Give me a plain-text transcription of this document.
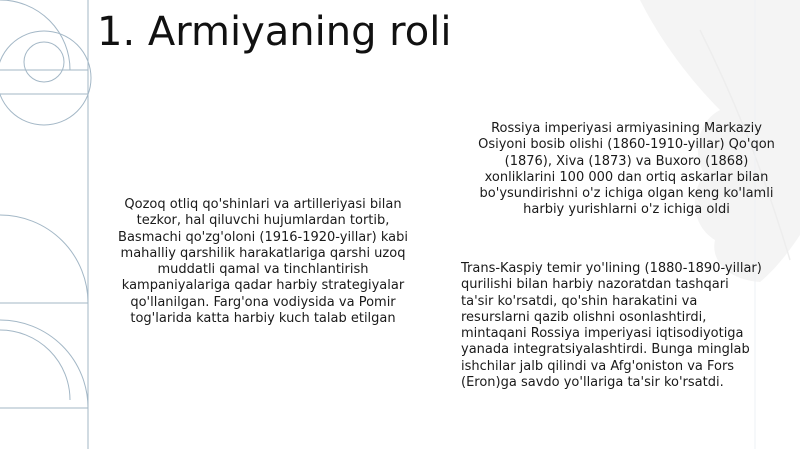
1. Armiyaning roli
Qozoq otliq qo'shinlari va artilleriyasi bilan
tezkor, hal qiluvchi hujumlardan tortib,
Basmachi qo'zg'oloni (1916-1920-yillar) kabi
mahalliy qarshilik harakatlariga qarshi uzoq
muddatli qamal va tinchlantirish
kampaniyalariga qadar harbiy strategiyalar
qo'llanilgan. Farg'ona vodiysida va Pomir
tog'larida katta harbiy kuch talab etilgan
Rossiya imperiyasi armiyasining Markaziy
Osiyoni bosib olishi (1860-1910-yillar) Qo'qon
(1876), Xiva (1873) va Buxoro (1868)
xonliklarini 100 000 dan ortiq askarlar bilan
bo'ysundirishni o'z ichiga olgan keng ko'lamli
harbiy yurishlarni o'z ichiga oldi
Trans-Kaspiy temir yo'lining (1880-1890-yillar)
qurilishi bilan harbiy nazoratdan tashqari
ta'sir ko'rsatdi, qo'shin harakatini va
resurslarni qazib olishni osonlashtirdi,
mintaqani Rossiya imperiyasi iqtisodiyotiga
yanada integratsiyalashtirdi. Bunga minglab
ishchilar jalb qilindi va Afg'oniston va Fors
(Eron)ga savdo yo'llariga ta'sir ko'rsatdi.
